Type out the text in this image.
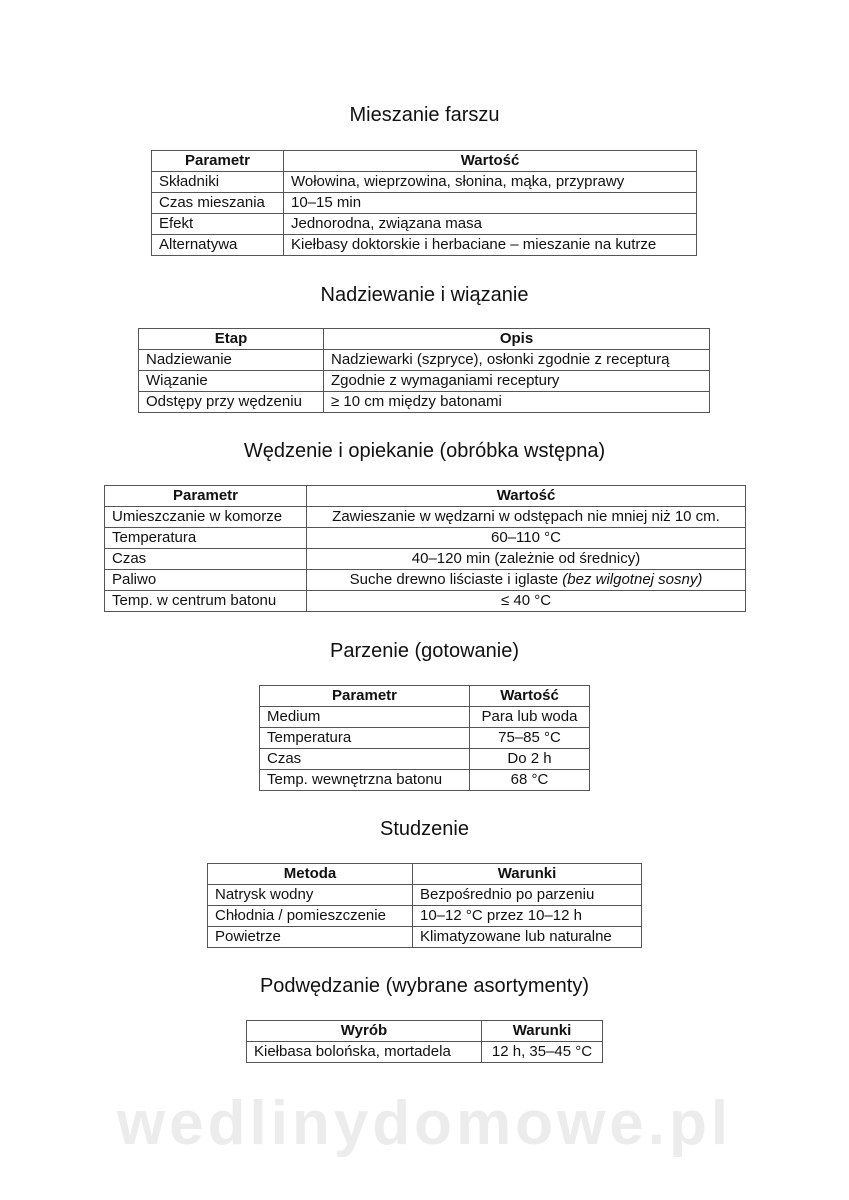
Mieszanie farszu
Parametr	Wartość
Składniki	Wołowina, wieprzowina, słonina, mąka, przyprawy
Czas mieszania	10–15 min
Efekt	Jednorodna, związana masa
Alternatywa	Kiełbasy doktorskie i herbaciane – mieszanie na kutrze
Nadziewanie i wiązanie
Etap	Opis
Nadziewanie	Nadziewarki (szpryce), osłonki zgodnie z recepturą
Wiązanie	Zgodnie z wymaganiami receptury
Odstępy przy wędzeniu	≥ 10 cm między batonami
Wędzenie i opiekanie (obróbka wstępna)
Parametr	Wartość
Umieszczanie w komorze	Zawieszanie w wędzarni w odstępach nie mniej niż 10 cm.
Temperatura	60–110 °C
Czas	40–120 min (zależnie od średnicy)
Paliwo	Suche drewno liściaste i iglaste (bez wilgotnej sosny)
Temp. w centrum batonu	≤ 40 °C
Parzenie (gotowanie)
Parametr	Wartość
Medium	Para lub woda
Temperatura	75–85 °C
Czas	Do 2 h
Temp. wewnętrzna batonu	68 °C
Studzenie
Metoda	Warunki
Natrysk wodny	Bezpośrednio po parzeniu
Chłodnia / pomieszczenie	10–12 °C przez 10–12 h
Powietrze	Klimatyzowane lub naturalne
Podwędzanie (wybrane asortymenty)
Wyrób	Warunki
Kiełbasa bolońska, mortadela	12 h, 35–45 °C
wedlinydomowe.pl
